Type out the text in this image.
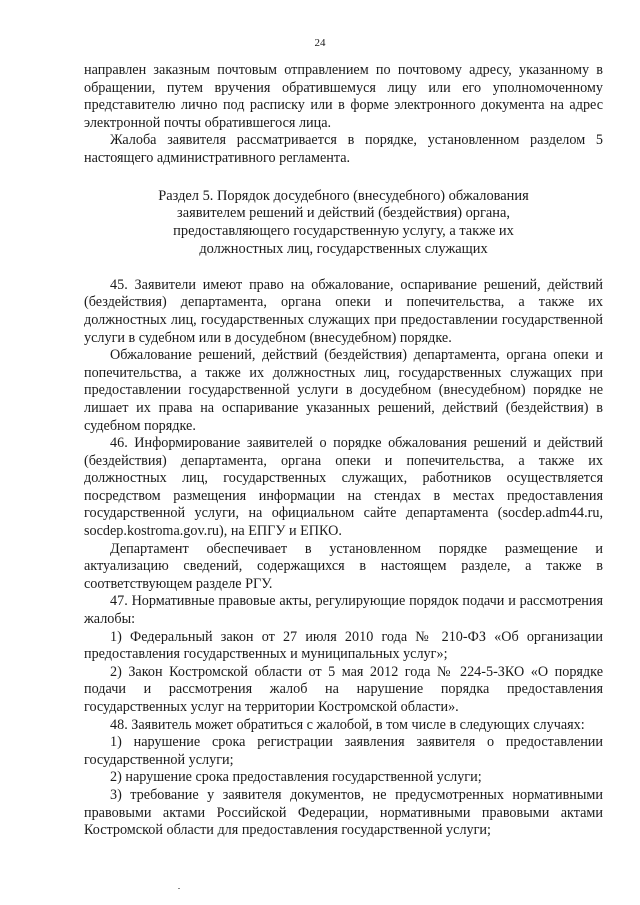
24

направлен заказным почтовым отправлением по почтовому адресу, указанному в обращении, путем вручения обратившемуся лицу или его уполномоченному представителю лично под расписку или в форме электронного документа на адрес электронной почты обратившегося лица.

Жалоба заявителя рассматривается в порядке, установленном разделом 5 настоящего административного регламента.

Раздел 5. Порядок досудебного (внесудебного) обжалования
заявителем решений и действий (бездействия) органа,
предоставляющего государственную услугу, а также их
должностных лиц, государственных служащих

45. Заявители имеют право на обжалование, оспаривание решений, действий (бездействия) департамента, органа опеки и попечительства, а также их должностных лиц, государственных служащих при предоставлении государственной услуги в судебном или в досудебном (внесудебном) порядке.

Обжалование решений, действий (бездействия) департамента, органа опеки и попечительства, а также их должностных лиц, государственных служащих при предоставлении государственной услуги в досудебном (внесудебном) порядке не лишает их права на оспаривание указанных решений, действий (бездействия) в судебном порядке.

46. Информирование заявителей о порядке обжалования решений и действий (бездействия) департамента, органа опеки и попечительства, а также их должностных лиц, государственных служащих, работников осуществляется посредством размещения информации на стендах в местах предоставления государственной услуги, на официальном сайте департамента (socdep.adm44.ru, socdep.kostroma.gov.ru), на ЕПГУ и ЕПКО.

Департамент обеспечивает в установленном порядке размещение и актуализацию сведений, содержащихся в настоящем разделе, а также в соответствующем разделе РГУ.

47. Нормативные правовые акты, регулирующие порядок подачи и рассмотрения жалобы:

1) Федеральный закон от 27 июля 2010 года № 210-ФЗ «Об организации предоставления государственных и муниципальных услуг»;

2) Закон Костромской области от 5 мая 2012 года № 224-5-ЗКО «О порядке подачи и рассмотрения жалоб на нарушение порядка предоставления государственных услуг на территории Костромской области».

48. Заявитель может обратиться с жалобой, в том числе в следующих случаях:

1) нарушение срока регистрации заявления заявителя о предоставлении государственной услуги;

2) нарушение срока предоставления государственной услуги;

3) требование у заявителя документов, не предусмотренных нормативными правовыми актами Российской Федерации, нормативными правовыми актами Костромской области для предоставления государственной услуги;
